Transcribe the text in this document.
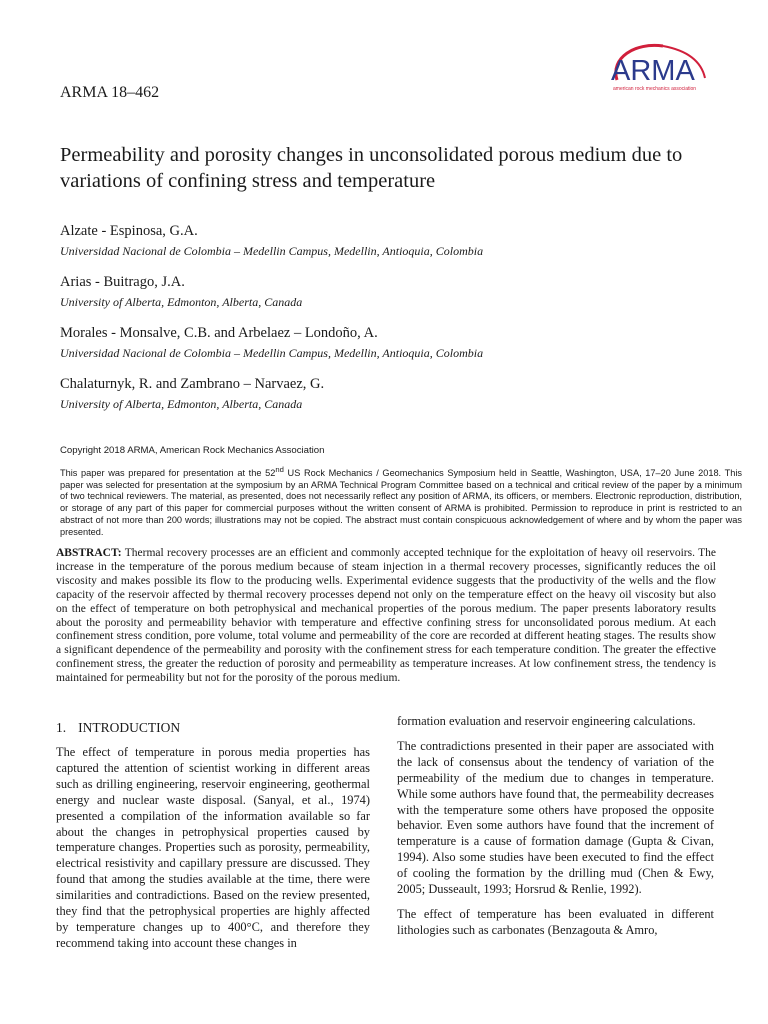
ARMA
american rock mechanics association
ARMA 18–462
Permeability and porosity changes in unconsolidated porous medium due to variations of confining stress and temperature
Alzate - Espinosa, G.A.
Universidad Nacional de Colombia – Medellin Campus, Medellin, Antioquia, Colombia
Arias - Buitrago, J.A.
University of Alberta, Edmonton, Alberta, Canada
Morales - Monsalve, C.B. and Arbelaez – Londoño, A.
Universidad Nacional de Colombia – Medellin Campus, Medellin, Antioquia, Colombia
Chalaturnyk, R. and Zambrano – Narvaez, G.
University of Alberta, Edmonton, Alberta, Canada
Copyright 2018 ARMA, American Rock Mechanics Association
This paper was prepared for presentation at the 52nd US Rock Mechanics / Geomechanics Symposium held in Seattle, Washington, USA, 17–20 June 2018. This paper was selected for presentation at the symposium by an ARMA Technical Program Committee based on a technical and critical review of the paper by a minimum of two technical reviewers. The material, as presented, does not necessarily reflect any position of ARMA, its officers, or members. Electronic reproduction, distribution, or storage of any part of this paper for commercial purposes without the written consent of ARMA is prohibited. Permission to reproduce in print is restricted to an abstract of not more than 200 words; illustrations may not be copied. The abstract must contain conspicuous acknowledgement of where and by whom the paper was presented.
ABSTRACT: Thermal recovery processes are an efficient and commonly accepted technique for the exploitation of heavy oil reservoirs. The increase in the temperature of the porous medium because of steam injection in a thermal recovery processes, significantly reduces the oil viscosity and makes possible its flow to the producing wells. Experimental evidence suggests that the productivity of the wells and the flow capacity of the reservoir affected by thermal recovery processes depend not only on the temperature effect on the heavy oil viscosity but also on the effect of temperature on both petrophysical and mechanical properties of the porous medium. The paper presents laboratory results about the porosity and permeability behavior with temperature and effective confining stress for unconsolidated porous medium. At each confinement stress condition, pore volume, total volume and permeability of the core are recorded at different heating stages. The results show a significant dependence of the permeability and porosity with the confinement stress for each temperature condition. The greater the effective confinement stress, the greater the reduction of porosity and permeability as temperature increases. At low confinement stress, the tendency is maintained for permeability but not for the porosity of the porous medium.
1. INTRODUCTION

The effect of temperature in porous media properties has captured the attention of scientist working in different areas such as drilling engineering, reservoir engineering, geothermal energy and nuclear waste disposal. (Sanyal, et al., 1974) presented a compilation of the information available so far about the changes in petrophysical properties caused by temperature changes. Properties such as porosity, permeability, electrical resistivity and capillary pressure are discussed. They found that among the studies available at the time, there were similarities and contradictions. Based on the review presented, they find that the petrophysical properties are highly affected by temperature changes up to 400°C, and therefore they recommend taking into account these changes in

formation evaluation and reservoir engineering calculations.

The contradictions presented in their paper are associated with the lack of consensus about the tendency of variation of the permeability of the medium due to changes in temperature. While some authors have found that, the permeability decreases with the temperature some others have proposed the opposite behavior. Even some authors have found that the increment of temperature is a cause of formation damage (Gupta & Civan, 1994). Also some studies have been executed to find the effect of cooling the formation by the drilling mud (Chen & Ewy, 2005; Dusseault, 1993; Horsrud & Renlie, 1992).

The effect of temperature has been evaluated in different lithologies such as carbonates (Benzagouta & Amro,
